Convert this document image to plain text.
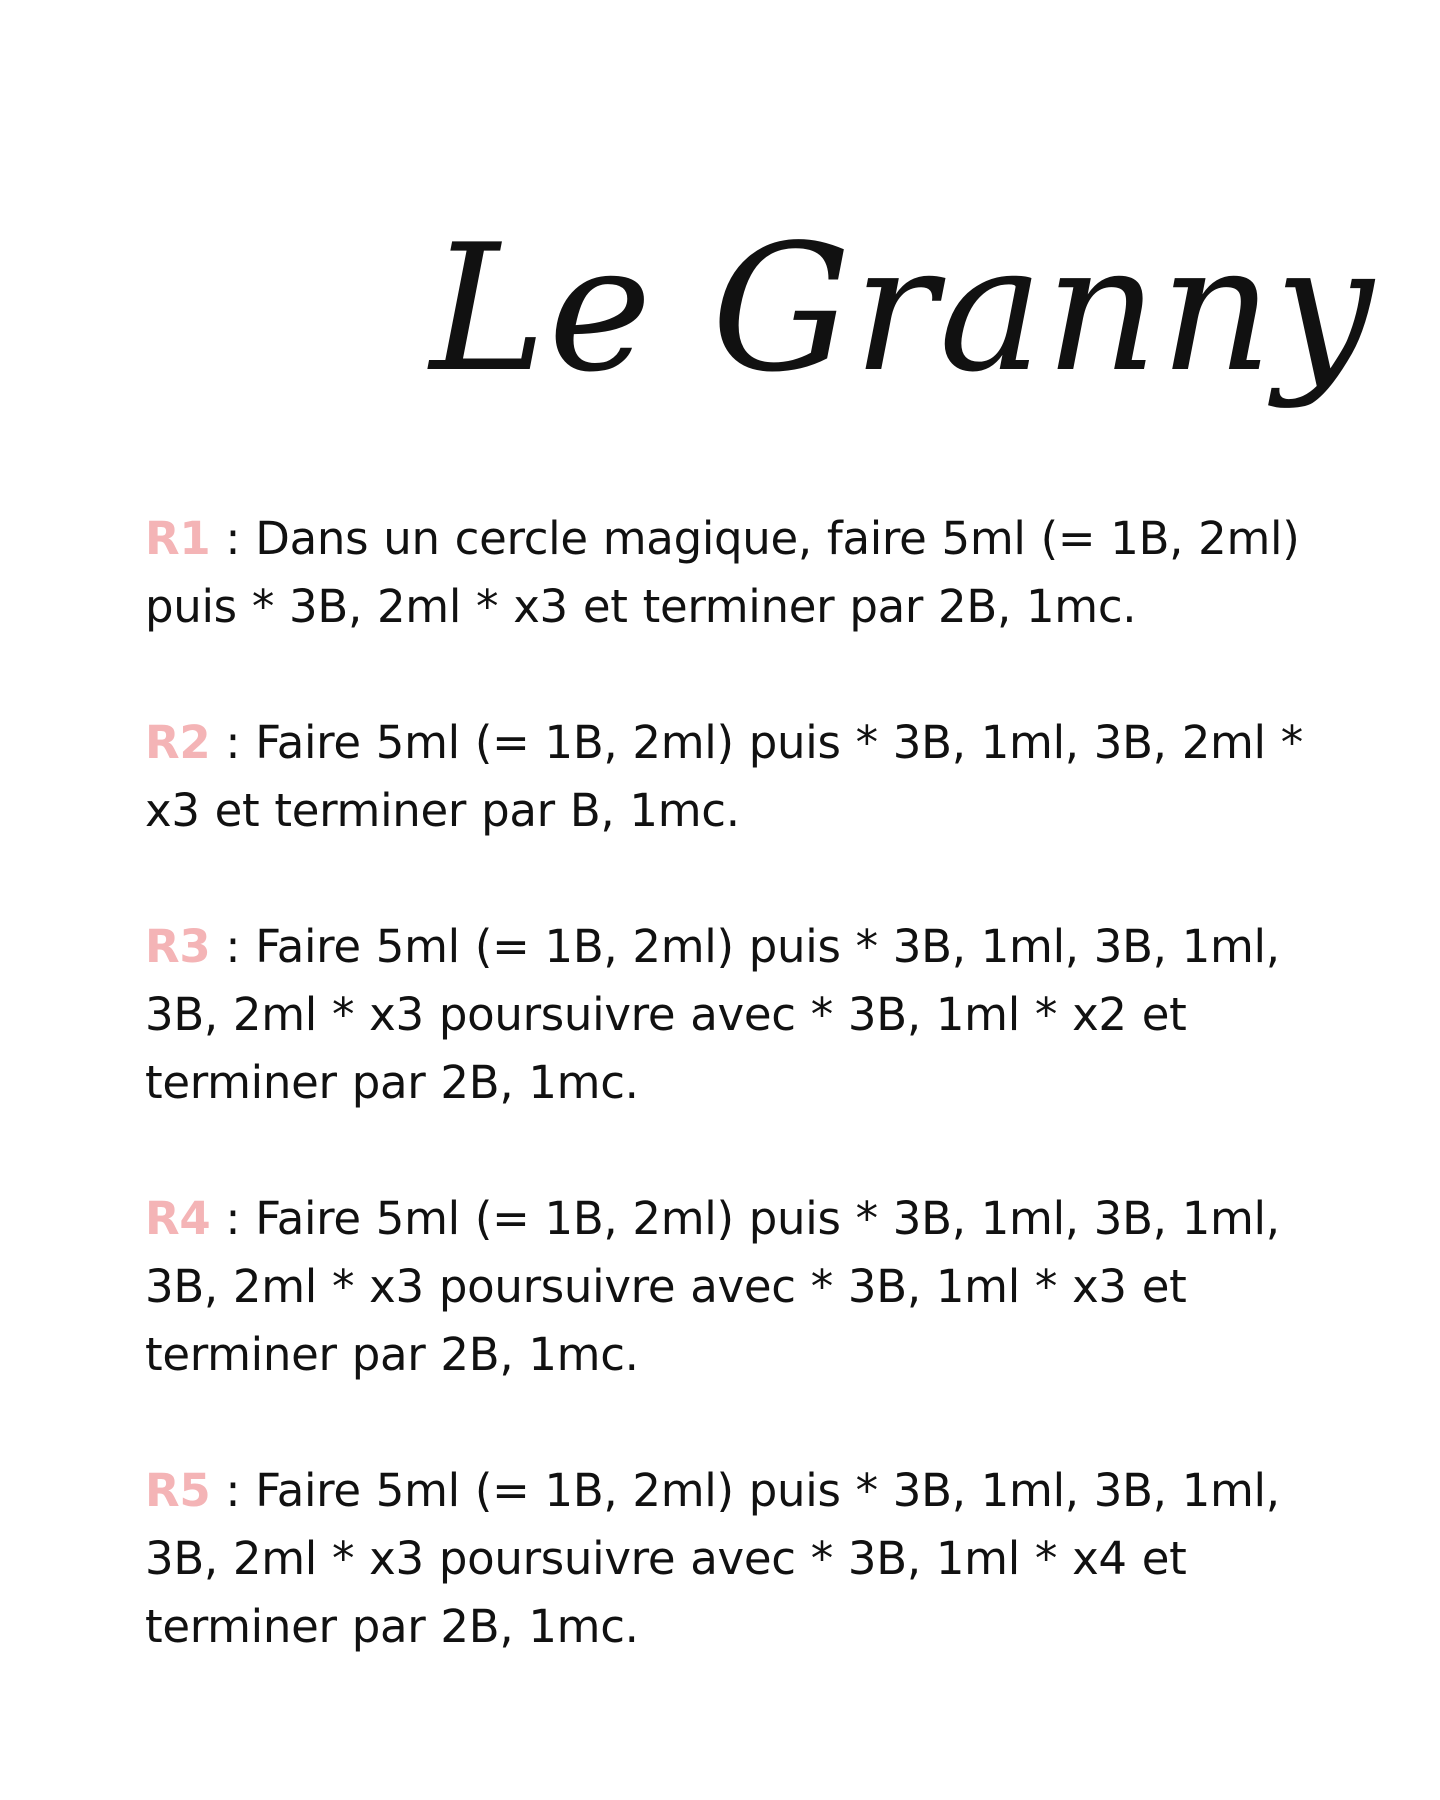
Le Granny

R1 : Dans un cercle magique, faire 5ml (= 1B, 2ml) puis * 3B, 2ml * x3 et terminer par 2B, 1mc.

R2 : Faire 5ml (= 1B, 2ml) puis * 3B, 1ml, 3B, 2ml * x3 et terminer par B, 1mc.

R3 : Faire 5ml (= 1B, 2ml) puis * 3B, 1ml, 3B, 1ml, 3B, 2ml * x3 poursuivre avec * 3B, 1ml * x2 et terminer par 2B, 1mc.

R4 : Faire 5ml (= 1B, 2ml) puis * 3B, 1ml, 3B, 1ml, 3B, 2ml * x3 poursuivre avec * 3B, 1ml * x3 et terminer par 2B, 1mc.

R5 : Faire 5ml (= 1B, 2ml) puis * 3B, 1ml, 3B, 1ml, 3B, 2ml * x3 poursuivre avec * 3B, 1ml * x4 et terminer par 2B, 1mc.
